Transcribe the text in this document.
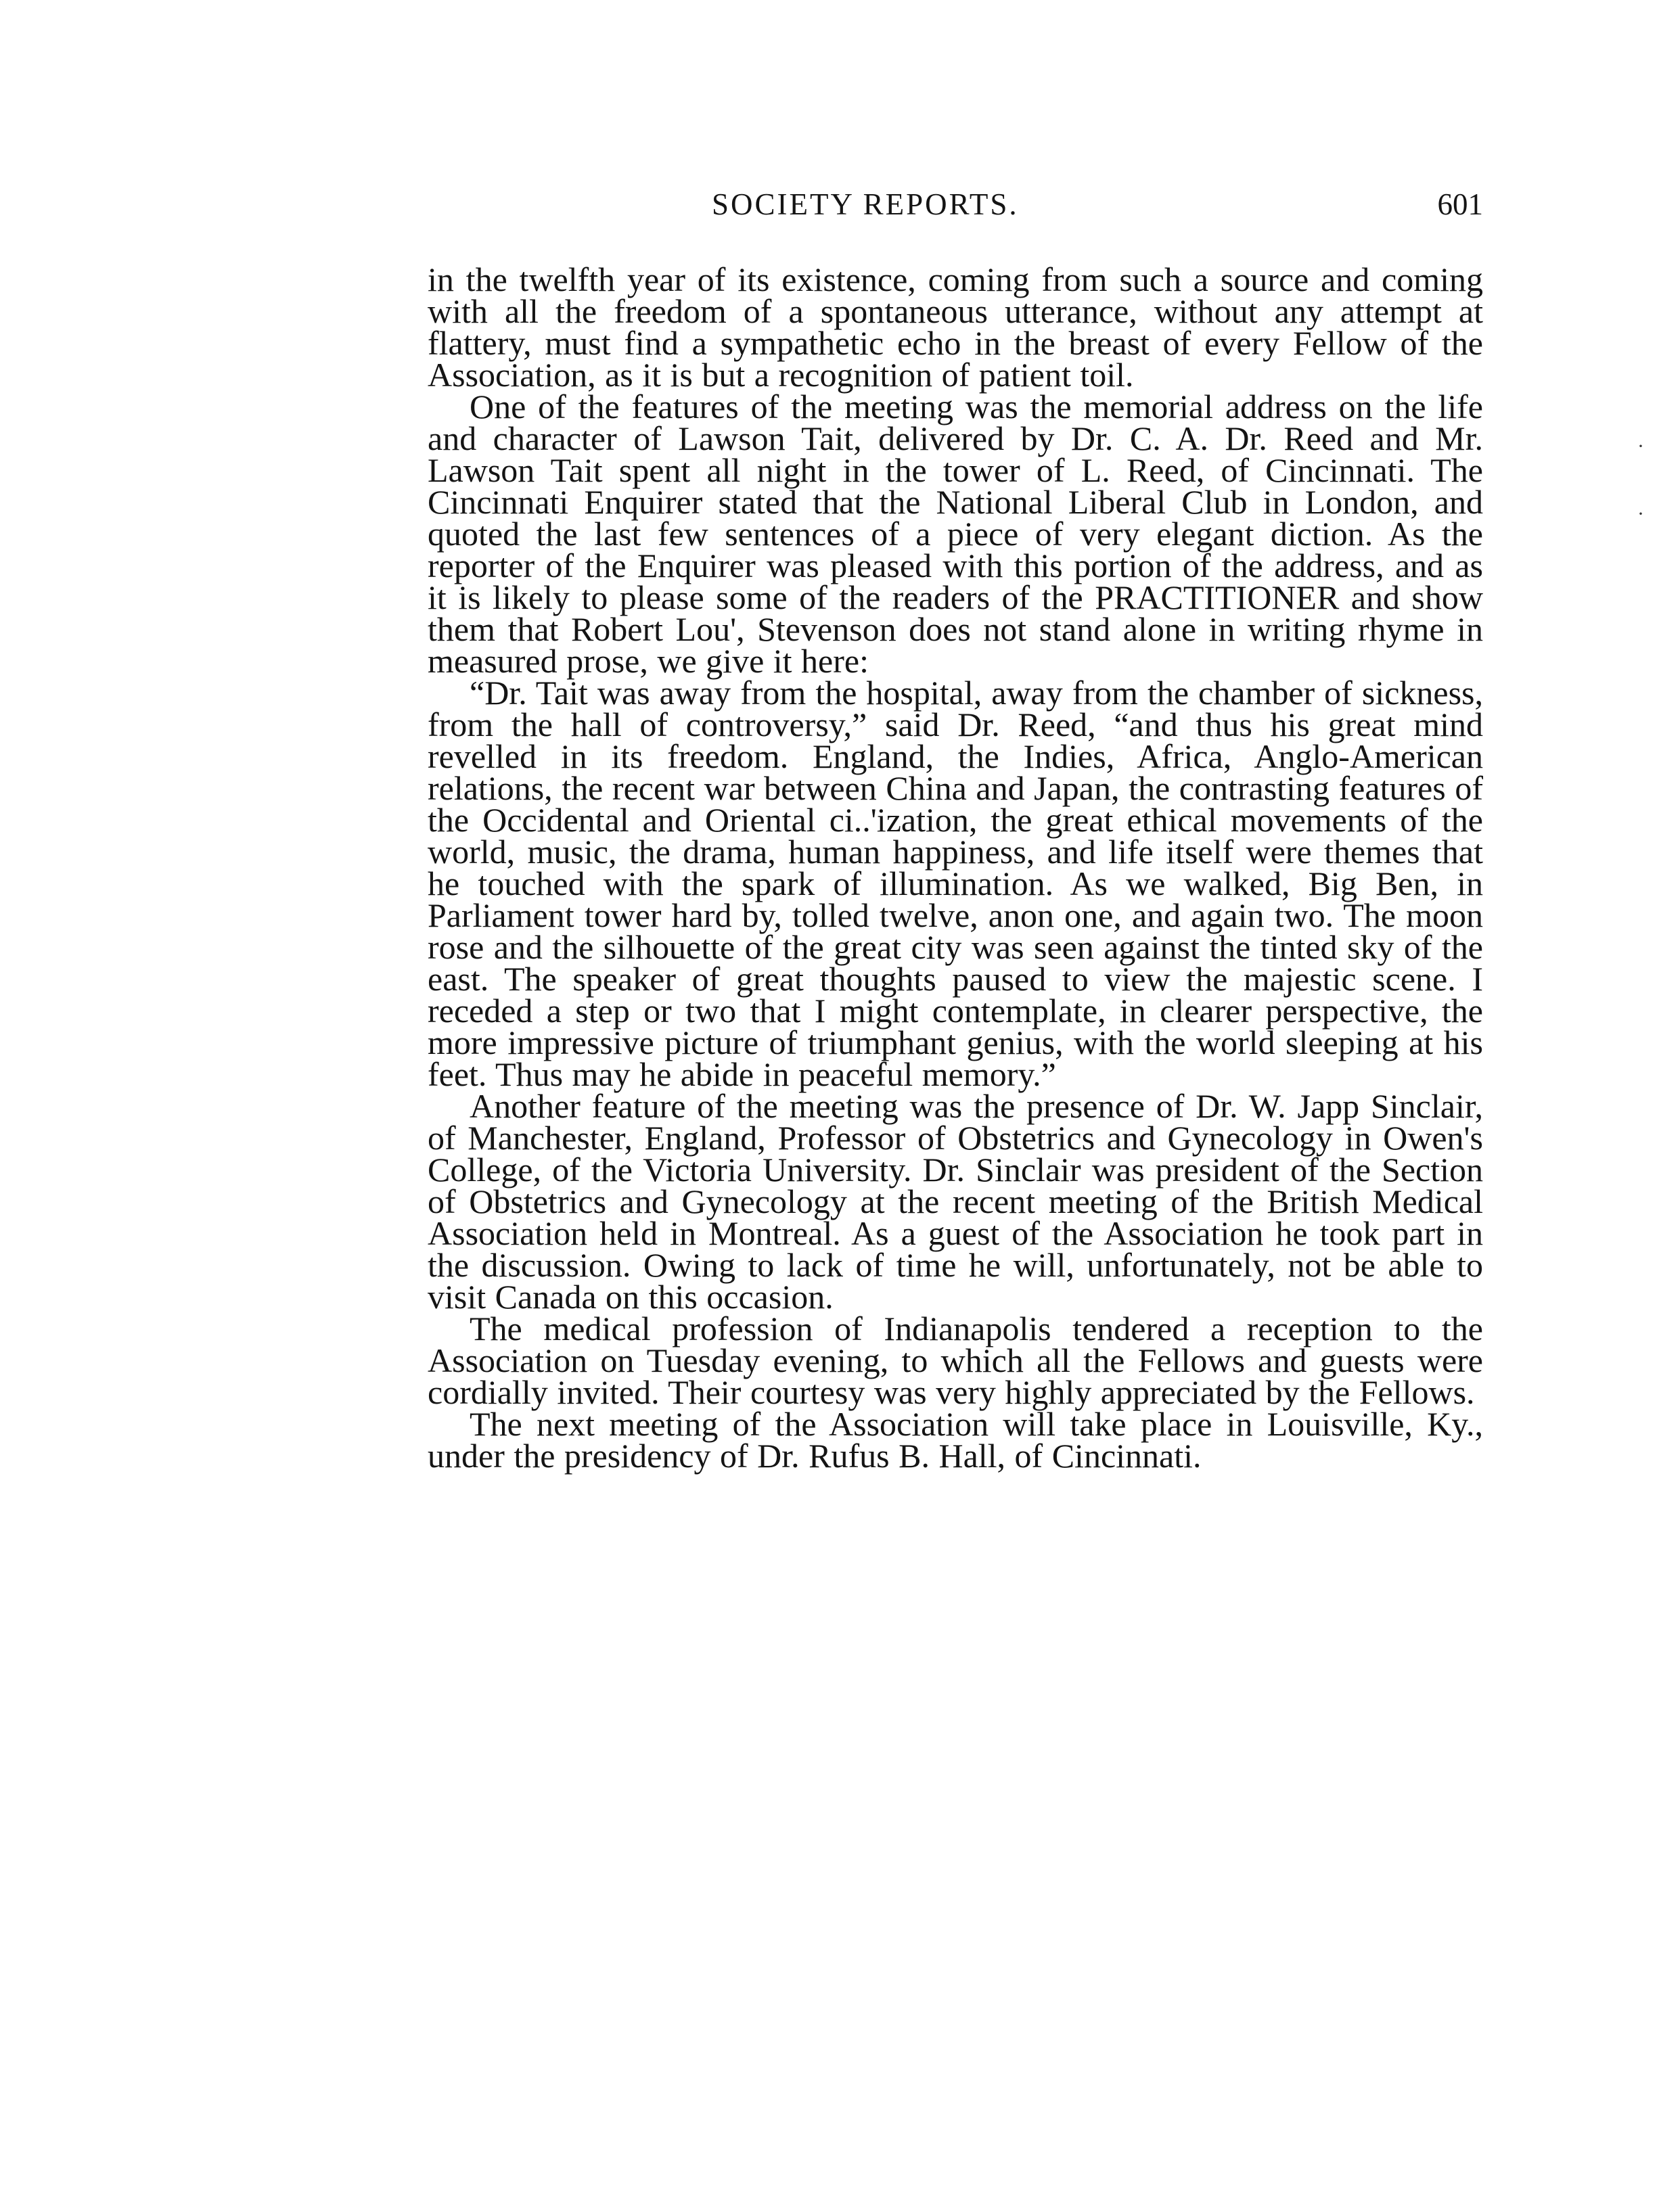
SOCIETY REPORTS.	601

in the twelfth year of its existence, coming from such a source and coming with all the freedom of a spontaneous utterance, without any attempt at flattery, must find a sympathetic echo in the breast of every Fellow of the Association, as it is but a recognition of patient toil.

One of the features of the meeting was the memorial address on the life and character of Lawson Tait, delivered by Dr. C. A. Dr. Reed and Mr. Lawson Tait spent all night in the tower of L. Reed, of Cincinnati. The Cincinnati Enquirer stated that the National Liberal Club in London, and quoted the last few sentences of a piece of very elegant diction. As the reporter of the Enquirer was pleased with this portion of the address, and as it is likely to please some of the readers of the PRACTITIONER and show them that Robert Lou', Stevenson does not stand alone in writing rhyme in measured prose, we give it here:

“Dr. Tait was away from the hospital, away from the chamber of sickness, from the hall of controversy,” said Dr. Reed, “and thus his great mind revelled in its freedom. England, the Indies, Africa, Anglo-American relations, the recent war between China and Japan, the contrasting features of the Occidental and Oriental ci..'ization, the great ethical movements of the world, music, the drama, human happiness, and life itself were themes that he touched with the spark of illumination. As we walked, Big Ben, in Parliament tower hard by, tolled twelve, anon one, and again two. The moon rose and the silhouette of the great city was seen against the tinted sky of the east. The speaker of great thoughts paused to view the majestic scene. I receded a step or two that I might contemplate, in clearer perspective, the more impressive picture of triumphant genius, with the world sleeping at his feet. Thus may he abide in peaceful memory.”

Another feature of the meeting was the presence of Dr. W. Japp Sinclair, of Manchester, England, Professor of Obstetrics and Gynecology in Owen's College, of the Victoria University. Dr. Sinclair was president of the Section of Obstetrics and Gynecology at the recent meeting of the British Medical Association held in Montreal. As a guest of the Association he took part in the discussion. Owing to lack of time he will, unfortunately, not be able to visit Canada on this occasion.

The medical profession of Indianapolis tendered a reception to the Association on Tuesday evening, to which all the Fellows and guests were cordially invited. Their courtesy was very highly appreciated by the Fellows.

The next meeting of the Association will take place in Louisville, Ky., under the presidency of Dr. Rufus B. Hall, of Cincinnati.

·
·
